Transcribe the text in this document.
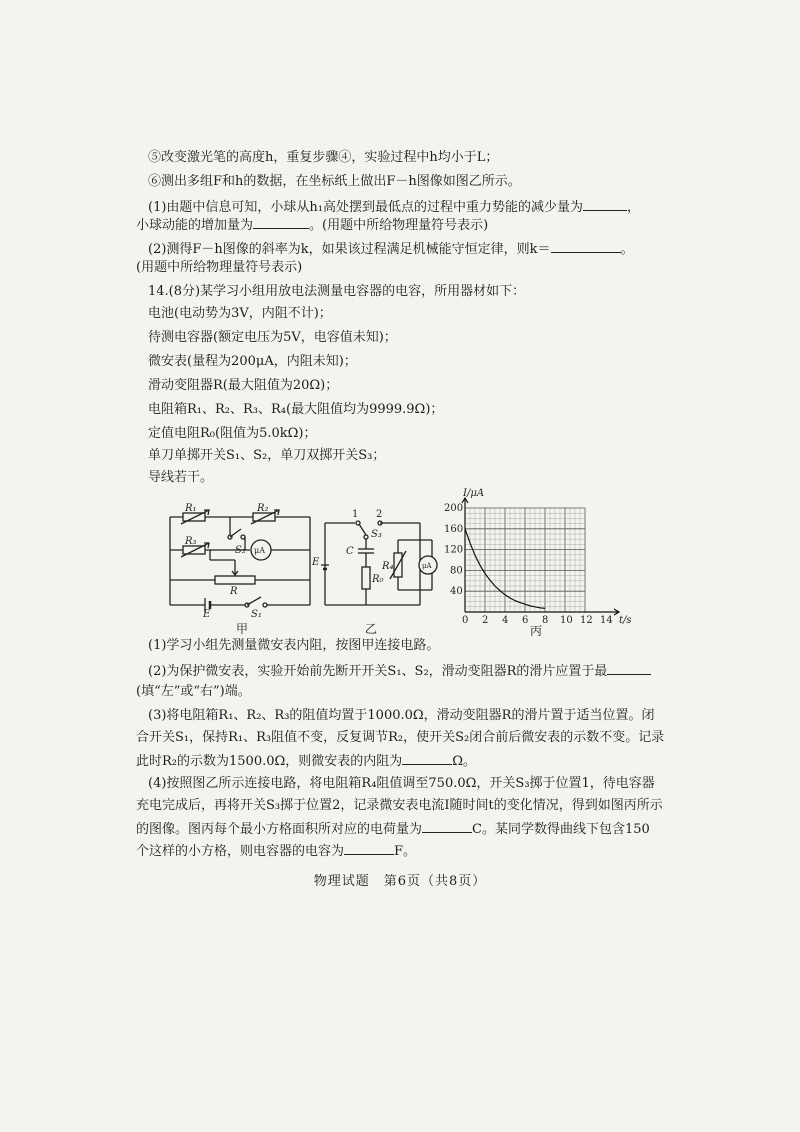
⑤改变激光笔的高度h，重复步骤④，实验过程中h均小于L；
⑥测出多组F和h的数据，在坐标纸上做出F－h图像如图乙所示。
(1)由题中信息可知，小球从h₁高处摆到最低点的过程中重力势能的减少量为	，
小球动能的增加量为	。(用题中所给物理量符号表示)
(2)测得F－h图像的斜率为k，如果该过程满足机械能守恒定律，则k＝	。
(用题中所给物理量符号表示)
14.(8分)某学习小组用放电法测量电容器的电容，所用器材如下：
电池(电动势为3V，内阻不计)；
待测电容器(额定电压为5V，电容值未知)；
微安表(量程为200μA，内阻未知)；
滑动变阻器R(最大阻值为20Ω)；
电阻箱R₁、R₂、R₃、R₄(最大阻值均为9999.9Ω)；
定值电阻R₀(阻值为5.0kΩ)；
单刀单掷开关S₁、S₂，单刀双掷开关S₃；
导线若干。
R₁	R₂
R₃
S₂ μA
R
E	S₁
甲
1 2
S₃
C
E	R₄	μA
R₀
乙
0 2 4 6 8 10 12 14
40
80
120
160
200
I/μA
t/s
丙
(1)学习小组先测量微安表内阻，按图甲连接电路。
(2)为保护微安表，实验开始前先断开开关S₁、S₂，滑动变阻器R的滑片应置于最
(填“左”或“右”)端。
(3)将电阻箱R₁、R₂、R₃的阻值均置于1000.0Ω，滑动变阻器R的滑片置于适当位置。闭
合开关S₁，保持R₁、R₃阻值不变，反复调节R₂，使开关S₂闭合前后微安表的示数不变。记录
此时R₂的示数为1500.0Ω，则微安表的内阻为	Ω。
(4)按照图乙所示连接电路，将电阻箱R₄阻值调至750.0Ω，开关S₃掷于位置1，待电容器
充电完成后，再将开关S₃掷于位置2，记录微安表电流I随时间t的变化情况，得到如图丙所示
的图像。图丙每个最小方格面积所对应的电荷量为	C。某同学数得曲线下包含150
个这样的小方格，则电容器的电容为	F。
物理试题　第6页（共8页）
